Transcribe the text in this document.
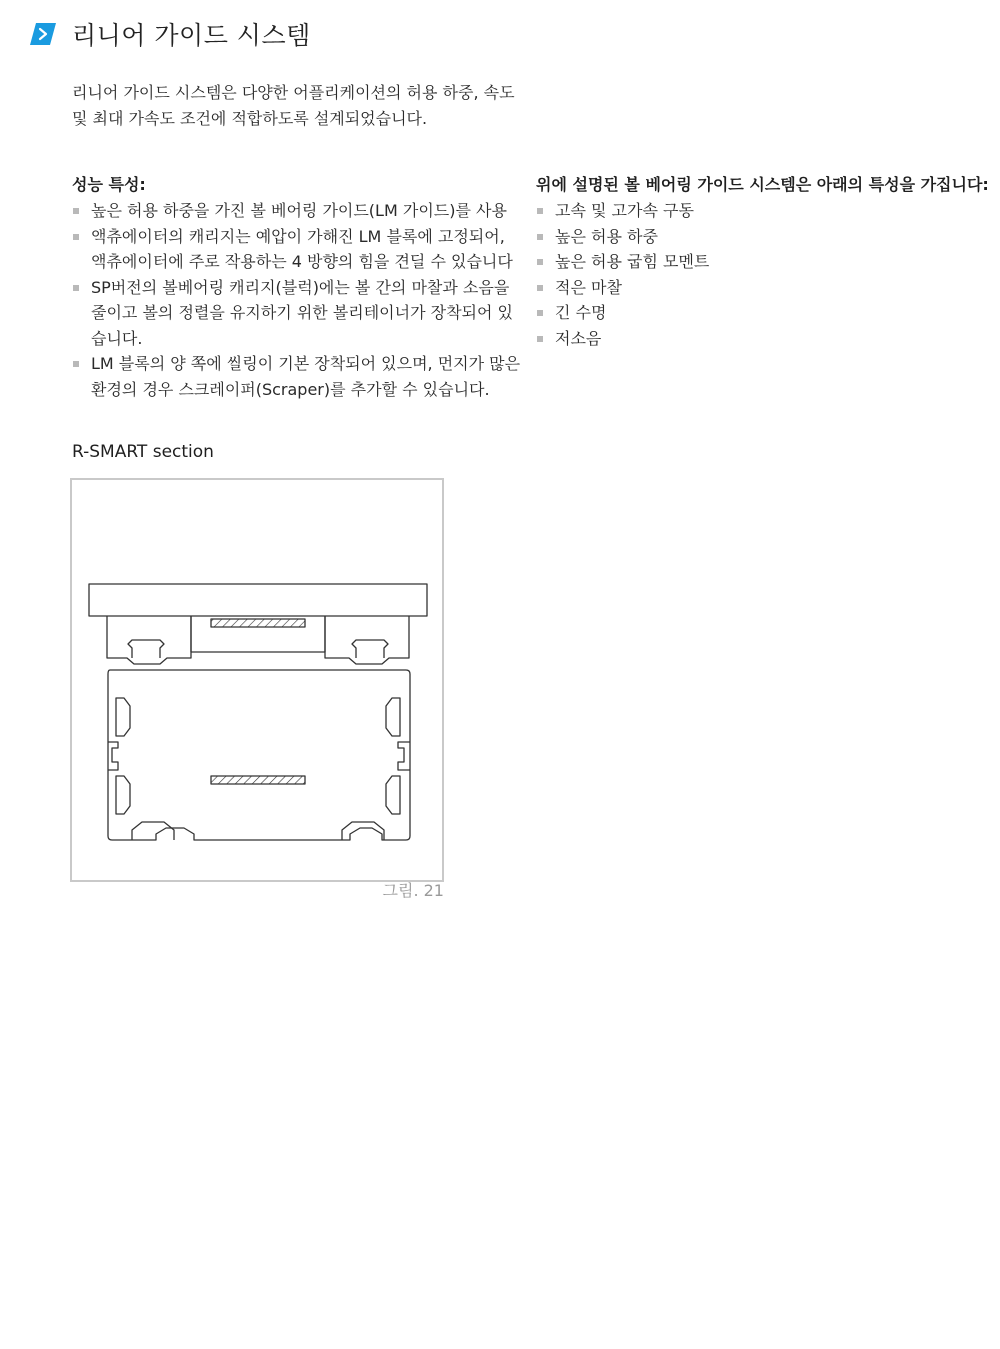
리니어 가이드 시스템

리니어 가이드 시스템은 다양한 어플리케이션의 허용 하중, 속도 및 최대 가속도 조건에 적합하도록 설계되었습니다.

성능 특성:
높은 허용 하중을 가진 볼 베어링 가이드(LM 가이드)를 사용
액츄에이터의 캐리지는 예압이 가해진 LM 블록에 고정되어, 액츄에이터에 주로 작용하는 4 방향의 힘을 견딜 수 있습니다
SP버전의 볼베어링 캐리지(블럭)에는 볼 간의 마찰과 소음을 줄이고 볼의 정렬을 유지하기 위한 볼리테이너가 장착되어 있습니다.
LM 블록의 양 쪽에 씰링이 기본 장착되어 있으며, 먼지가 많은 환경의 경우 스크레이퍼(Scraper)를 추가할 수 있습니다.
위에 설명된 볼 베어링 가이드 시스템은 아래의 특성을 가집니다:
고속 및 고가속 구동
높은 허용 하중
높은 허용 굽힘 모멘트
적은 마찰
긴 수명
저소음
R-SMART section
그림. 21
